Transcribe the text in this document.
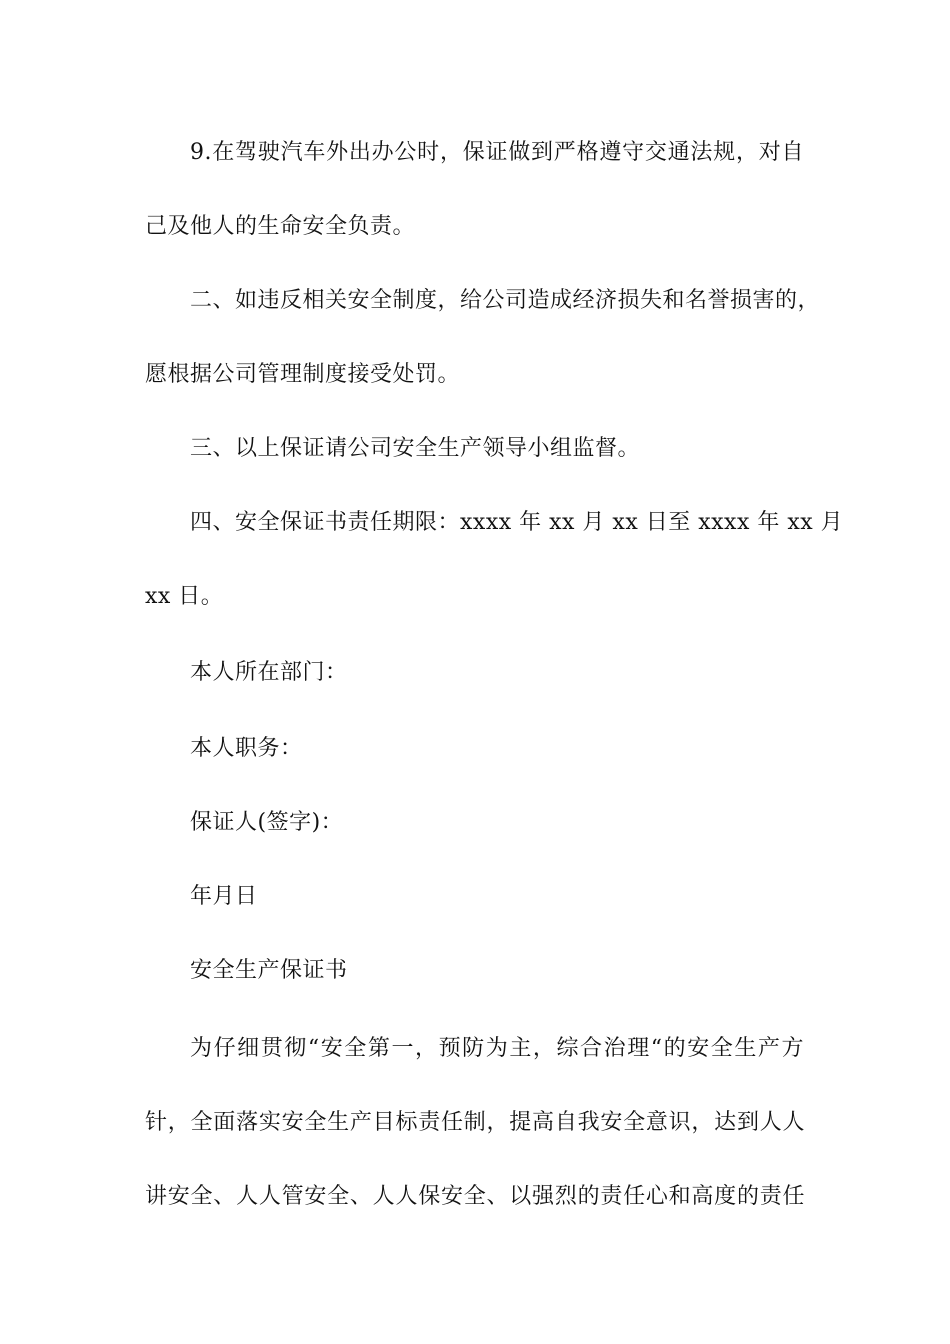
9.在驾驶汽车外出办公时，保证做到严格遵守交通法规，对自
己及他人的生命安全负责。
二、如违反相关安全制度，给公司造成经济损失和名誉损害的，
愿根据公司管理制度接受处罚。
三、以上保证请公司安全生产领导小组监督。
四、安全保证书责任期限：xxxx 年 xx 月 xx 日至 xxxx 年 xx 月
xx 日。
本人所在部门：
本人职务：
保证人(签字)：
年月日
安全生产保证书
为仔细贯彻“安全第一，预防为主，综合治理“的安全生产方
针，全面落实安全生产目标责任制，提高自我安全意识，达到人人
讲安全、人人管安全、人人保安全、以强烈的责任心和高度的责任
